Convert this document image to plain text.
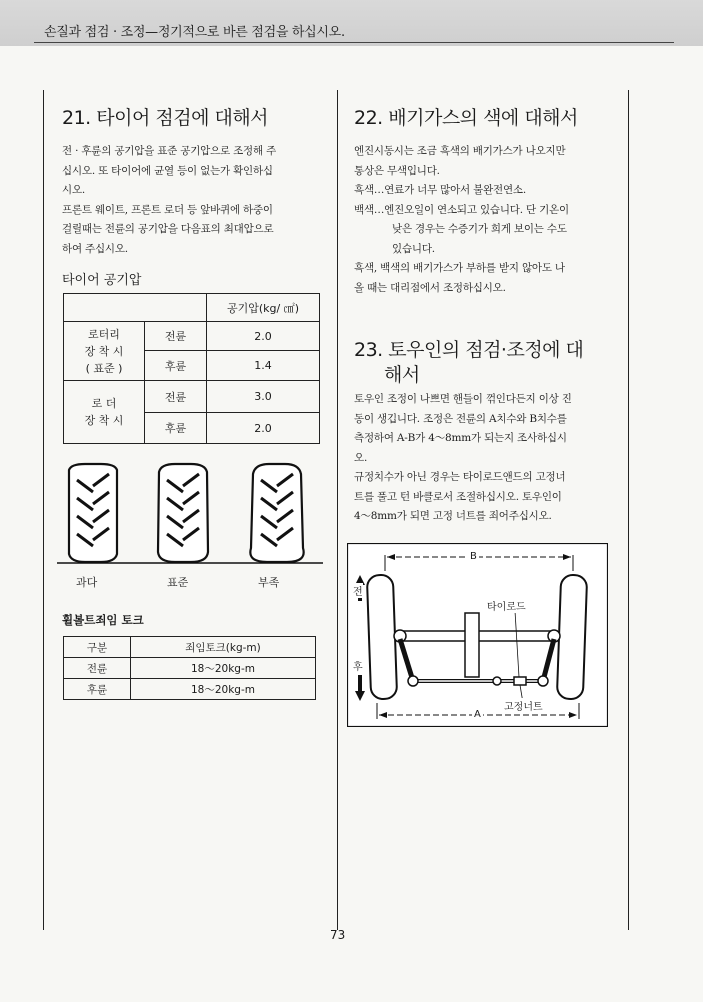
손질과 점검 · 조정—정기적으로 바른 점검을 하십시오.
21. 타이어 점검에 대해서
전 · 후륜의 공기압을 표준 공기압으로 조정해 주
십시오. 또 타이어에 균열 등이 없는가 확인하십
시오.
프론트 웨이트, 프론트 로더 등 앞바퀴에 하중이
걸릴때는 전륜의 공기압을 다음표의 최대압으로
하여 주십시오.
타이어 공기압
		공기압(kg/ ㎠)
로터리
장 착 시
( 표준 )	전륜	2.0
	후륜	1.4
로 더
장 착 시	전륜	3.0
	후륜	2.0
과다	표준	부족
휠볼트죄임 토크
구분	죄임토크(kg-m)
전륜	18～20kg-m
후륜	18～20kg-m
22. 배기가스의 색에 대해서
엔진시동시는 조금 흑색의 배기가스가 나오지만
통상은 무색입니다.
흑색…연료가 너무 많아서 불완전연소.
백색…엔진오일이 연소되고 있습니다. 단 기온이
낮은 경우는 수증기가 희게 보이는 수도
있습니다.
흑색, 백색의 배기가스가 부하를 받지 않아도 나
올 때는 대리점에서 조정하십시오.
23. 토우인의 점검·조정에 대
해서
토우인 조정이 나쁘면 핸들이 꺾인다든지 이상 진
동이 생깁니다. 조정은 전륜의 A치수와 B치수를
측정하여 A-B가 4～8mm가 되는지 조사하십시
오.
규정치수가 아닌 경우는 타이로드앤드의 고정너
트를 풀고 턴 바클로서 조절하십시오. 토우인이
4～8mm가 되면 고정 너트를 죄어주십시오.
전
후
B
A
타이로드
고정너트
73
